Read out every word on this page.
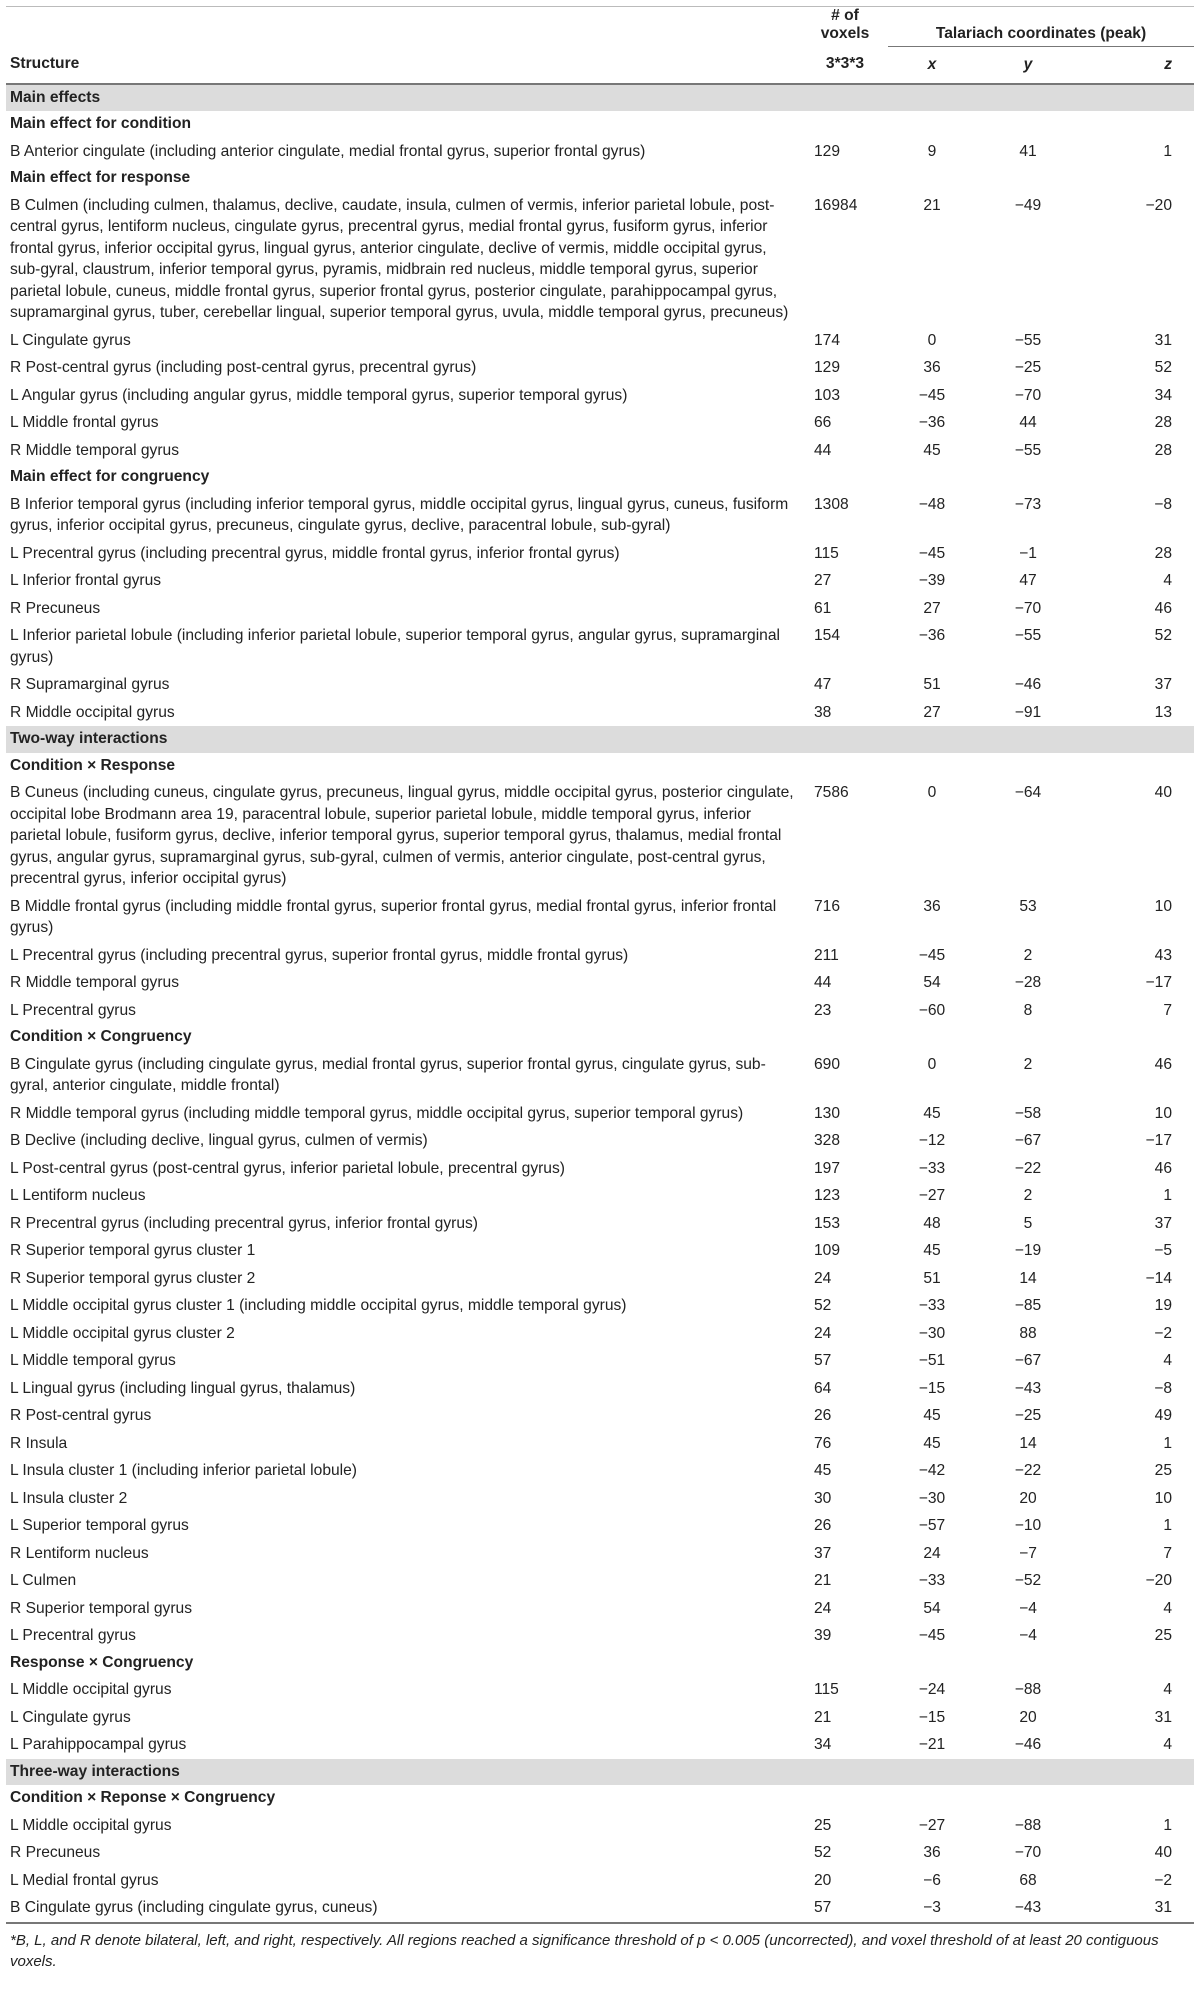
	# of voxels	Talariach coordinates (peak)		
Structure	3*3*3	x	y	z
Main effects				
Main effect for condition				
B Anterior cingulate (including anterior cingulate, medial frontal gyrus, superior frontal gyrus)	129	9	41	1
Main effect for response				
B Culmen (including culmen, thalamus, declive, caudate, insula, culmen of vermis, inferior parietal lobule, post-central gyrus, lentiform nucleus, cingulate gyrus, precentral gyrus, medial frontal gyrus, fusiform gyrus, inferior frontal gyrus, inferior occipital gyrus, lingual gyrus, anterior cingulate, declive of vermis, middle occipital gyrus, sub-gyral, claustrum, inferior temporal gyrus, pyramis, midbrain red nucleus, middle temporal gyrus, superior parietal lobule, cuneus, middle frontal gyrus, superior frontal gyrus, posterior cingulate, parahippocampal gyrus, supramarginal gyrus, tuber, cerebellar lingual, superior temporal gyrus, uvula, middle temporal gyrus, precuneus)	16984	21	−49	−20
L Cingulate gyrus	174	0	−55	31
R Post-central gyrus (including post-central gyrus, precentral gyrus)	129	36	−25	52
L Angular gyrus (including angular gyrus, middle temporal gyrus, superior temporal gyrus)	103	−45	−70	34
L Middle frontal gyrus	66	−36	44	28
R Middle temporal gyrus	44	45	−55	28
Main effect for congruency				
B Inferior temporal gyrus (including inferior temporal gyrus, middle occipital gyrus, lingual gyrus, cuneus, fusiform gyrus, inferior occipital gyrus, precuneus, cingulate gyrus, declive, paracentral lobule, sub-gyral)	1308	−48	−73	−8
L Precentral gyrus (including precentral gyrus, middle frontal gyrus, inferior frontal gyrus)	115	−45	−1	28
L Inferior frontal gyrus	27	−39	47	4
R Precuneus	61	27	−70	46
L Inferior parietal lobule (including inferior parietal lobule, superior temporal gyrus, angular gyrus, supramarginal gyrus)	154	−36	−55	52
R Supramarginal gyrus	47	51	−46	37
R Middle occipital gyrus	38	27	−91	13
Two-way interactions				
Condition × Response				
B Cuneus (including cuneus, cingulate gyrus, precuneus, lingual gyrus, middle occipital gyrus, posterior cingulate, occipital lobe Brodmann area 19, paracentral lobule, superior parietal lobule, middle temporal gyrus, inferior parietal lobule, fusiform gyrus, declive, inferior temporal gyrus, superior temporal gyrus, thalamus, medial frontal gyrus, angular gyrus, supramarginal gyrus, sub-gyral, culmen of vermis, anterior cingulate, post-central gyrus, precentral gyrus, inferior occipital gyrus)	7586	0	−64	40
B Middle frontal gyrus (including middle frontal gyrus, superior frontal gyrus, medial frontal gyrus, inferior frontal gyrus)	716	36	53	10
L Precentral gyrus (including precentral gyrus, superior frontal gyrus, middle frontal gyrus)	211	−45	2	43
R Middle temporal gyrus	44	54	−28	−17
L Precentral gyrus	23	−60	8	7
Condition × Congruency				
B Cingulate gyrus (including cingulate gyrus, medial frontal gyrus, superior frontal gyrus, cingulate gyrus, sub-gyral, anterior cingulate, middle frontal)	690	0	2	46
R Middle temporal gyrus (including middle temporal gyrus, middle occipital gyrus, superior temporal gyrus)	130	45	−58	10
B Declive (including declive, lingual gyrus, culmen of vermis)	328	−12	−67	−17
L Post-central gyrus (post-central gyrus, inferior parietal lobule, precentral gyrus)	197	−33	−22	46
L Lentiform nucleus	123	−27	2	1
R Precentral gyrus (including precentral gyrus, inferior frontal gyrus)	153	48	5	37
R Superior temporal gyrus cluster 1	109	45	−19	−5
R Superior temporal gyrus cluster 2	24	51	14	−14
L Middle occipital gyrus cluster 1 (including middle occipital gyrus, middle temporal gyrus)	52	−33	−85	19
L Middle occipital gyrus cluster 2	24	−30	88	−2
L Middle temporal gyrus	57	−51	−67	4
L Lingual gyrus (including lingual gyrus, thalamus)	64	−15	−43	−8
R Post-central gyrus	26	45	−25	49
R Insula	76	45	14	1
L Insula cluster 1 (including inferior parietal lobule)	45	−42	−22	25
L Insula cluster 2	30	−30	20	10
L Superior temporal gyrus	26	−57	−10	1
R Lentiform nucleus	37	24	−7	7
L Culmen	21	−33	−52	−20
R Superior temporal gyrus	24	54	−4	4
L Precentral gyrus	39	−45	−4	25
Response × Congruency				
L Middle occipital gyrus	115	−24	−88	4
L Cingulate gyrus	21	−15	20	31
L Parahippocampal gyrus	34	−21	−46	4
Three-way interactions				
Condition × Reponse × Congruency				
L Middle occipital gyrus	25	−27	−88	1
R Precuneus	52	36	−70	40
L Medial frontal gyrus	20	−6	68	−2
B Cingulate gyrus (including cingulate gyrus, cuneus)	57	−3	−43	31
*B, L, and R denote bilateral, left, and right, respectively. All regions reached a significance threshold of p < 0.005 (uncorrected), and voxel threshold of at least 20 contiguous voxels.				
